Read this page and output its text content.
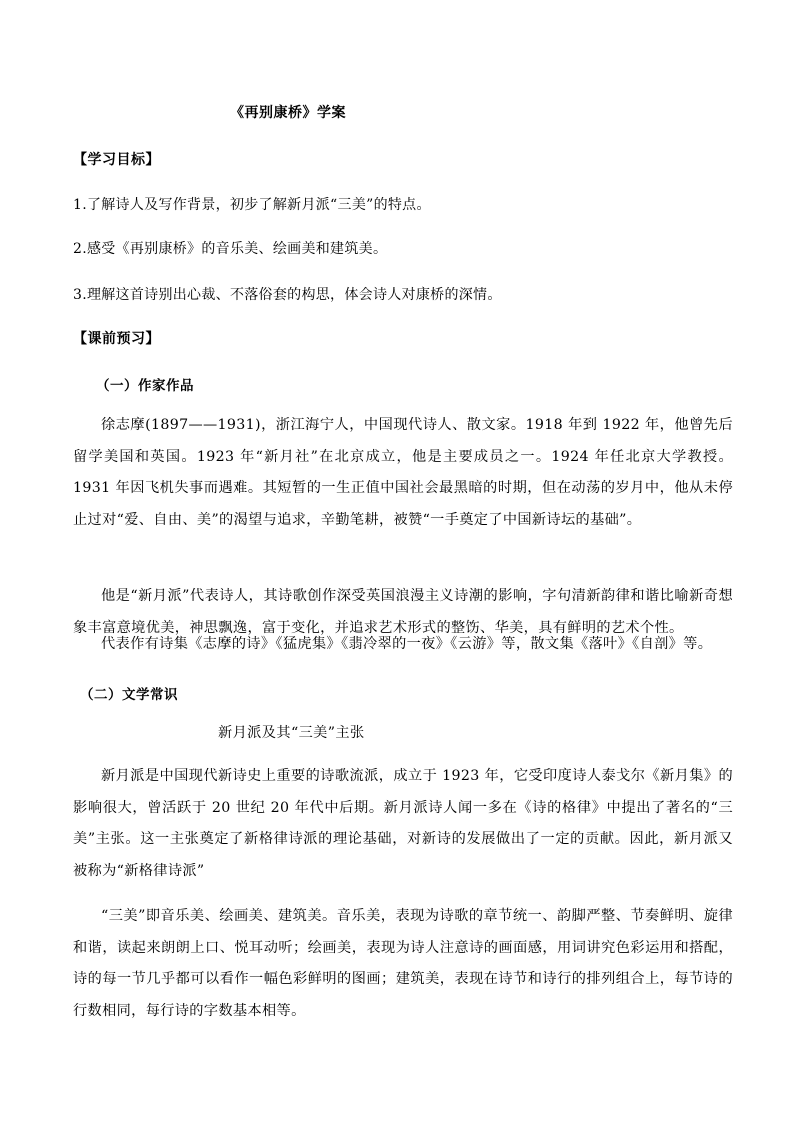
《再别康桥》学案
【学习目标】
1.了解诗人及写作背景，初步了解新月派“三美”的特点。
2.感受《再别康桥》的音乐美、绘画美和建筑美。
3.理解这首诗别出心裁、不落俗套的构思，体会诗人对康桥的深情。
【课前预习】
（一）作家作品
徐志摩(1897——1931)，浙江海宁人，中国现代诗人、散文家。1918 年到 1922 年，他曾先后留学美国和英国。1923 年“新月社”在北京成立，他是主要成员之一。1924 年任北京大学教授。1931 年因飞机失事而遇难。其短暂的一生正值中国社会最黑暗的时期，但在动荡的岁月中，他从未停止过对“爱、自由、美”的渴望与追求，辛勤笔耕，被赞“一手奠定了中国新诗坛的基础”。
他是“新月派”代表诗人，其诗歌创作深受英国浪漫主义诗潮的影响，字句清新韵律和谐比喻新奇想象丰富意境优美，神思飘逸，富于变化，并追求艺术形式的整饬、华美，具有鲜明的艺术个性。
代表作有诗集《志摩的诗》《猛虎集》《翡冷翠的一夜》《云游》等，散文集《落叶》《自剖》等。
（二）文学常识
新月派及其“三美”主张
新月派是中国现代新诗史上重要的诗歌流派，成立于 1923 年，它受印度诗人泰戈尔《新月集》的影响很大，曾活跃于 20 世纪 20 年代中后期。新月派诗人闻一多在《诗的格律》中提出了著名的“三美”主张。这一主张奠定了新格律诗派的理论基础，对新诗的发展做出了一定的贡献。因此，新月派又被称为“新格律诗派”
“三美”即音乐美、绘画美、建筑美。音乐美，表现为诗歌的章节统一、韵脚严整、节奏鲜明、旋律和谐，读起来朗朗上口、悦耳动听；绘画美，表现为诗人注意诗的画面感，用词讲究色彩运用和搭配，诗的每一节几乎都可以看作一幅色彩鲜明的图画；建筑美，表现在诗节和诗行的排列组合上，每节诗的行数相同，每行诗的字数基本相等。
